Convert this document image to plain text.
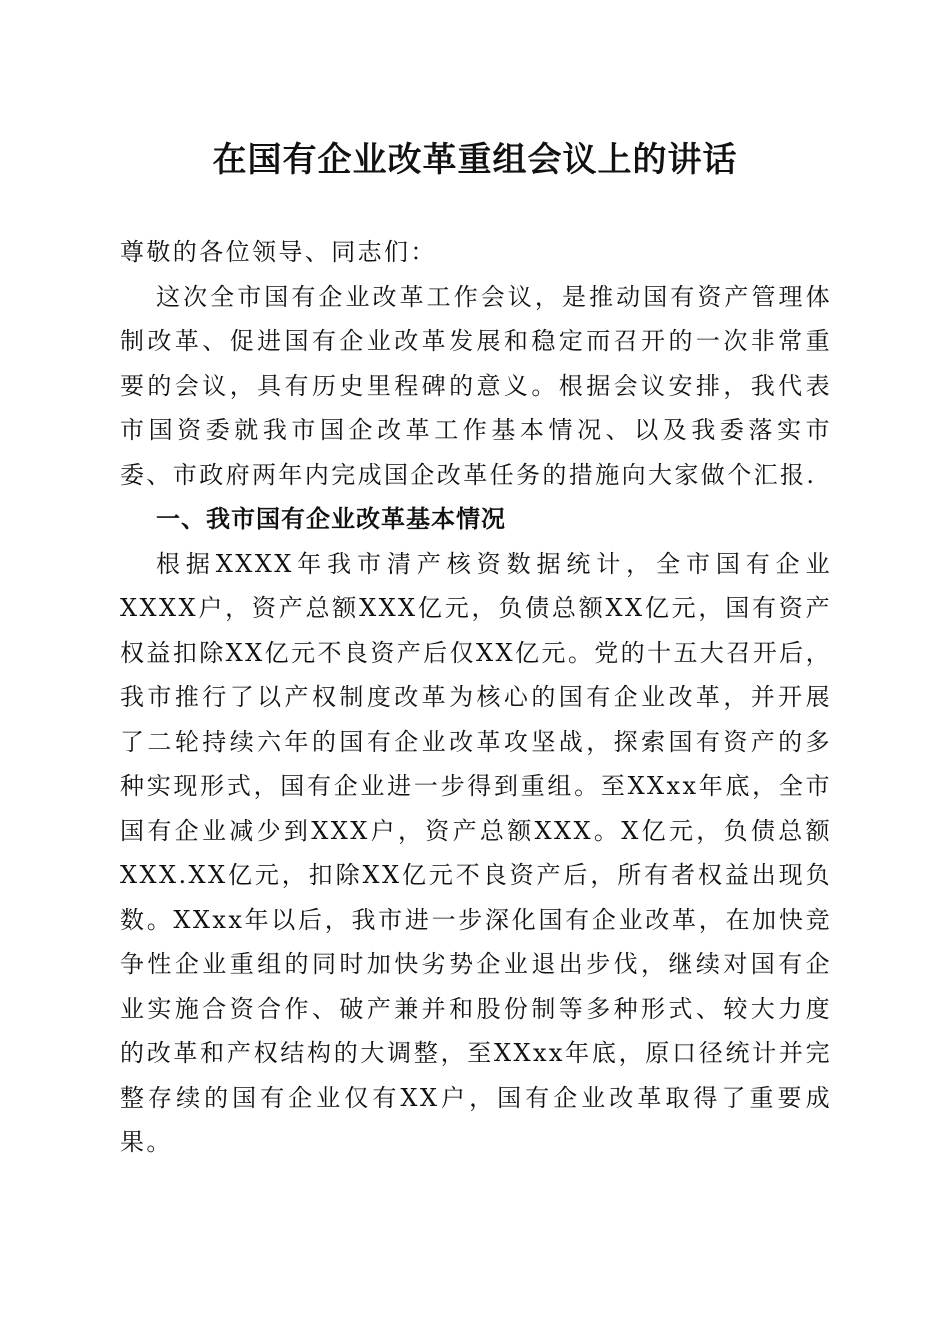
在国有企业改革重组会议上的讲话

尊敬的各位领导、同志们：

这次全市国有企业改革工作会议，是推动国有资产管理体制改革、促进国有企业改革发展和稳定而召开的一次非常重要的会议，具有历史里程碑的意义。根据会议安排，我代表市国资委就我市国企改革工作基本情况、以及我委落实市委、市政府两年内完成国企改革任务的措施向大家做个汇报.

一、我市国有企业改革基本情况

根据XXXX年我市清产核资数据统计，全市国有企业XXXX户，资产总额XXX亿元，负债总额XX亿元，国有资产权益扣除XX亿元不良资产后仅XX亿元。党的十五大召开后，我市推行了以产权制度改革为核心的国有企业改革，并开展了二轮持续六年的国有企业改革攻坚战，探索国有资产的多种实现形式，国有企业进一步得到重组。至XXxx年底，全市国有企业减少到XXX户，资产总额XXX。X亿元，负债总额XXX.XX亿元，扣除XX亿元不良资产后，所有者权益出现负数。XXxx年以后，我市进一步深化国有企业改革，在加快竞争性企业重组的同时加快劣势企业退出步伐，继续对国有企业实施合资合作、破产兼并和股份制等多种形式、较大力度的改革和产权结构的大调整，至XXxx年底，原口径统计并完整存续的国有企业仅有XX户，国有企业改革取得了重要成果。
